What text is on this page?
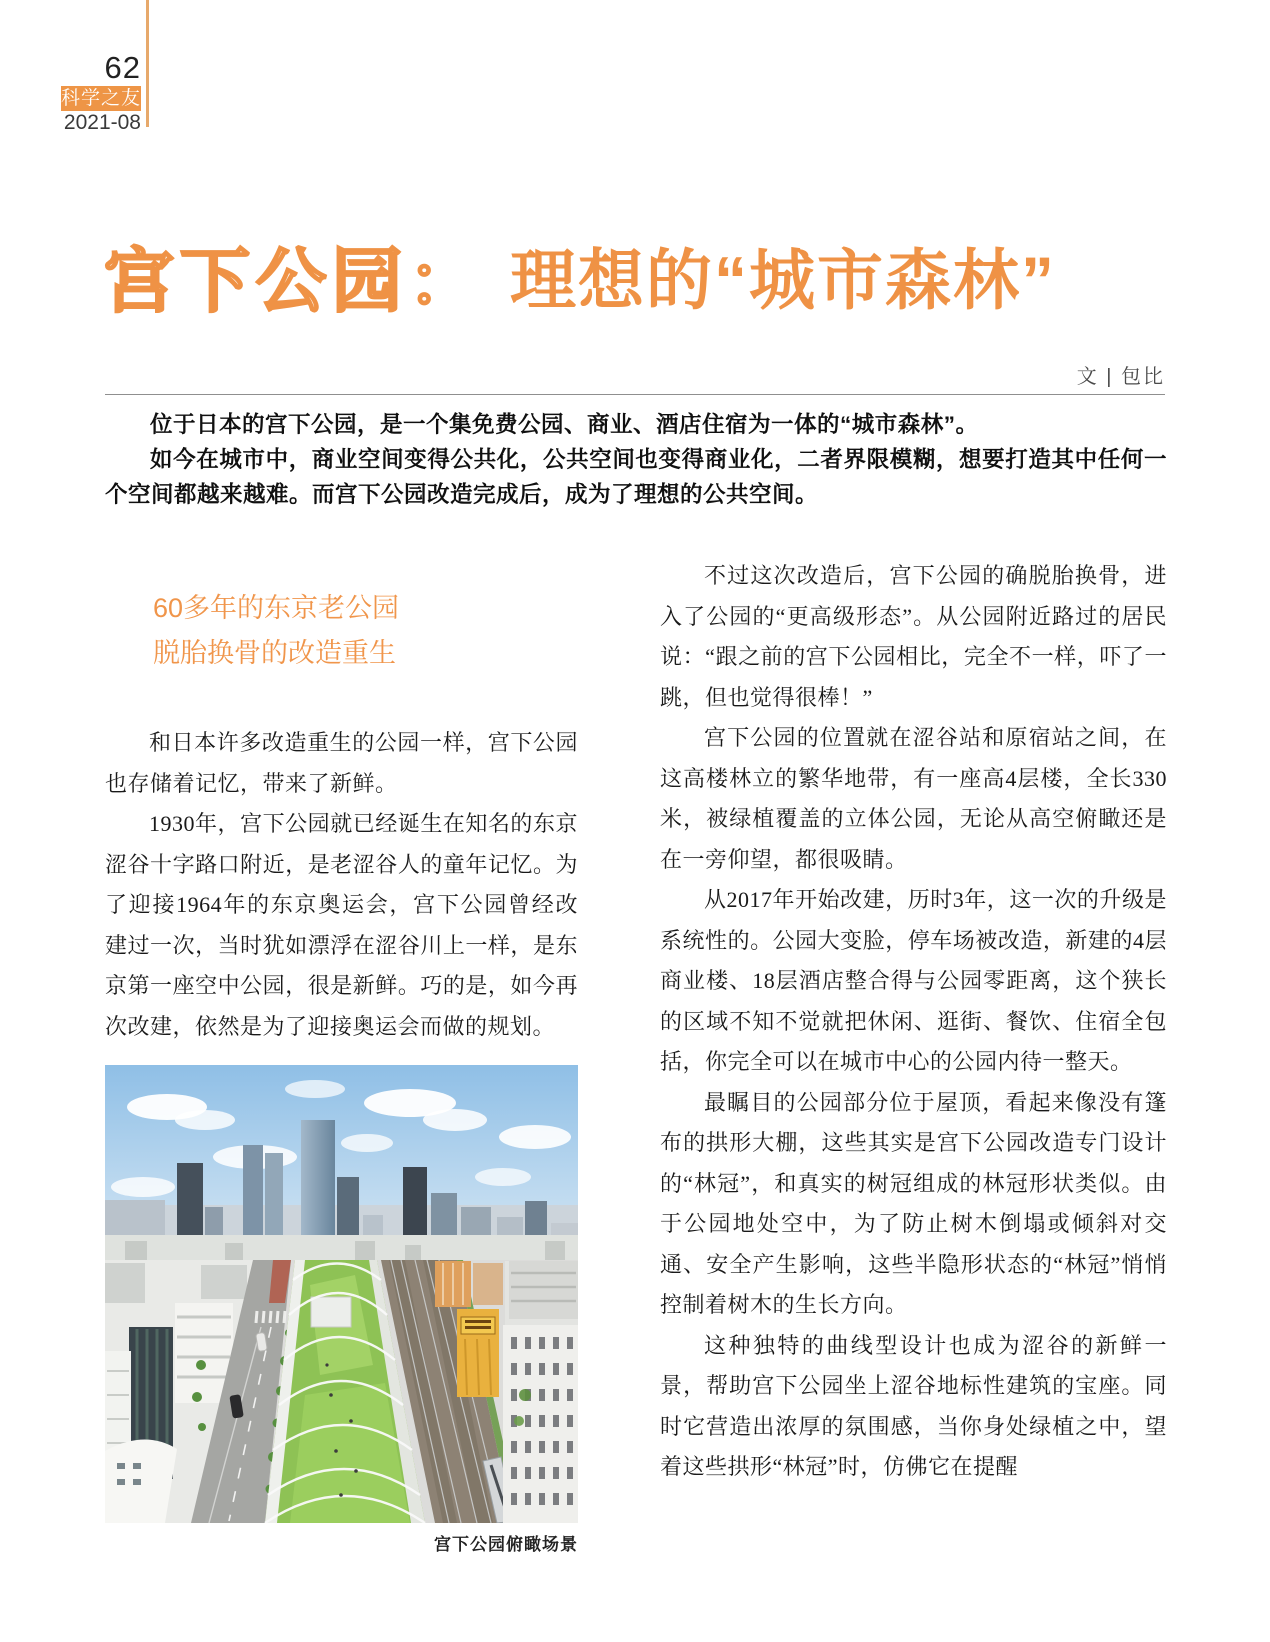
62
科学之友
2021-08
宫下公园： 理想的“城市森林”
文 | 包比

位于日本的宫下公园，是一个集免费公园、商业、酒店住宿为一体的“城市森林”。

如今在城市中，商业空间变得公共化，公共空间也变得商业化，二者界限模糊，想要打造其中任何一个空间都越来越难。而宫下公园改造完成后，成为了理想的公共空间。

60多年的东京老公园
脱胎换骨的改造重生

和日本许多改造重生的公园一样，宫下公园也存储着记忆，带来了新鲜。

1930年，宫下公园就已经诞生在知名的东京涩谷十字路口附近，是老涩谷人的童年记忆。为了迎接1964年的东京奥运会，宫下公园曾经改建过一次，当时犹如漂浮在涩谷川上一样，是东京第一座空中公园，很是新鲜。巧的是，如今再次改建，依然是为了迎接奥运会而做的规划。

不过这次改造后，宫下公园的确脱胎换骨，进入了公园的“更高级形态”。从公园附近路过的居民说：“跟之前的宫下公园相比，完全不一样，吓了一跳，但也觉得很棒！”

宫下公园的位置就在涩谷站和原宿站之间，在这高楼林立的繁华地带，有一座高4层楼，全长330米，被绿植覆盖的立体公园，无论从高空俯瞰还是在一旁仰望，都很吸睛。

从2017年开始改建，历时3年，这一次的升级是系统性的。公园大变脸，停车场被改造，新建的4层商业楼、18层酒店整合得与公园零距离，这个狭长的区域不知不觉就把休闲、逛街、餐饮、住宿全包括，你完全可以在城市中心的公园内待一整天。

最瞩目的公园部分位于屋顶，看起来像没有篷布的拱形大棚，这些其实是宫下公园改造专门设计的“林冠”，和真实的树冠组成的林冠形状类似。由于公园地处空中，为了防止树木倒塌或倾斜对交通、安全产生影响，这些半隐形状态的“林冠”悄悄控制着树木的生长方向。

这种独特的曲线型设计也成为涩谷的新鲜一景，帮助宫下公园坐上涩谷地标性建筑的宝座。同时它营造出浓厚的氛围感，当你身处绿植之中，望着这些拱形“林冠”时，仿佛它在提醒

宫下公园俯瞰场景
